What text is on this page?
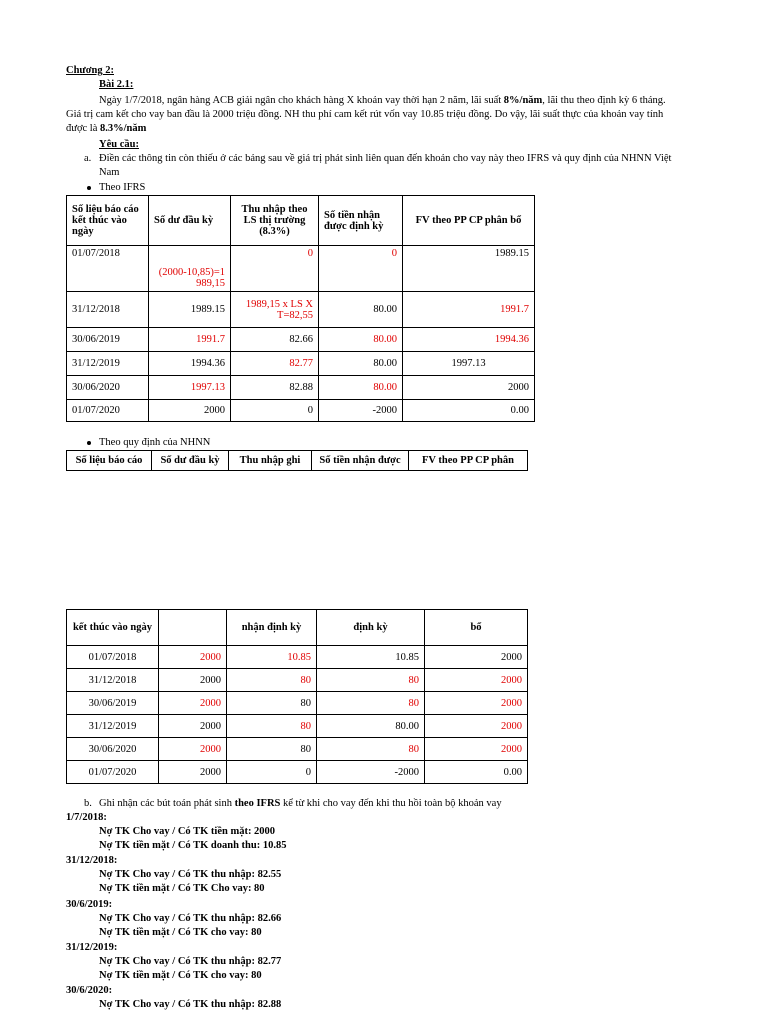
Chương 2:
Bài 2.1:
Ngày 1/7/2018, ngân hàng ACB giải ngân cho khách hàng X khoản vay thời hạn 2 năm, lãi suất 8%/năm, lãi thu theo định kỳ 6 tháng.
Giá trị cam kết cho vay ban đầu là 2000 triệu đồng. NH thu phí cam kết rút vốn vay 10.85 triệu đồng. Do vậy, lãi suất thực của khoản vay tính
được là 8.3%/năm
Yêu cầu:
a. Điền các thông tin còn thiếu ở các bảng sau về giá trị phát sinh liên quan đến khoản cho vay này theo IFRS và quy định của NHNN Việt
Nam
Theo IFRS
Số liệu báo cáo kết thúc vào ngày	Số dư đầu kỳ	Thu nhập theo LS thị trường (8.3%)	Số tiền nhận được định kỳ	FV theo PP CP phân bổ
01/07/2018	(2000-10,85)=1 989,15	0	0	1989.15
31/12/2018	1989.15	1989,15 x LS X T=82,55	80.00	1991.7
30/06/2019	1991.7	82.66	80.00	1994.36
31/12/2019	1994.36	82.77	80.00	1997.13
30/06/2020	1997.13	82.88	80.00	2000
01/07/2020	2000	0	-2000	0.00
Theo quy định của NHNN
Số liệu báo cáo	Số dư đầu kỳ	Thu nhập ghi	Số tiền nhận được	FV theo PP CP phân
kết thúc vào ngày		nhận định kỳ	định kỳ	bổ
01/07/2018	2000	10.85	10.85	2000
31/12/2018	2000	80	80	2000
30/06/2019	2000	80	80	2000
31/12/2019	2000	80	80.00	2000
30/06/2020	2000	80	80	2000
01/07/2020	2000	0	-2000	0.00
b. Ghi nhận các bút toán phát sinh theo IFRS kể từ khi cho vay đến khi thu hồi toàn bộ khoản vay
1/7/2018:
Nợ TK Cho vay / Có TK tiền mặt: 2000
Nợ TK tiền mặt / Có TK doanh thu: 10.85
31/12/2018:
Nợ TK Cho vay / Có TK thu nhập: 82.55
Nợ TK tiền mặt / Có TK Cho vay: 80
30/6/2019:
Nợ TK Cho vay / Có TK thu nhập: 82.66
Nợ TK tiền mặt / Có TK cho vay: 80
31/12/2019:
Nợ TK Cho vay / Có TK thu nhập: 82.77
Nợ TK tiền mặt / Có TK cho vay: 80
30/6/2020:
Nợ TK Cho vay / Có TK thu nhập: 82.88
